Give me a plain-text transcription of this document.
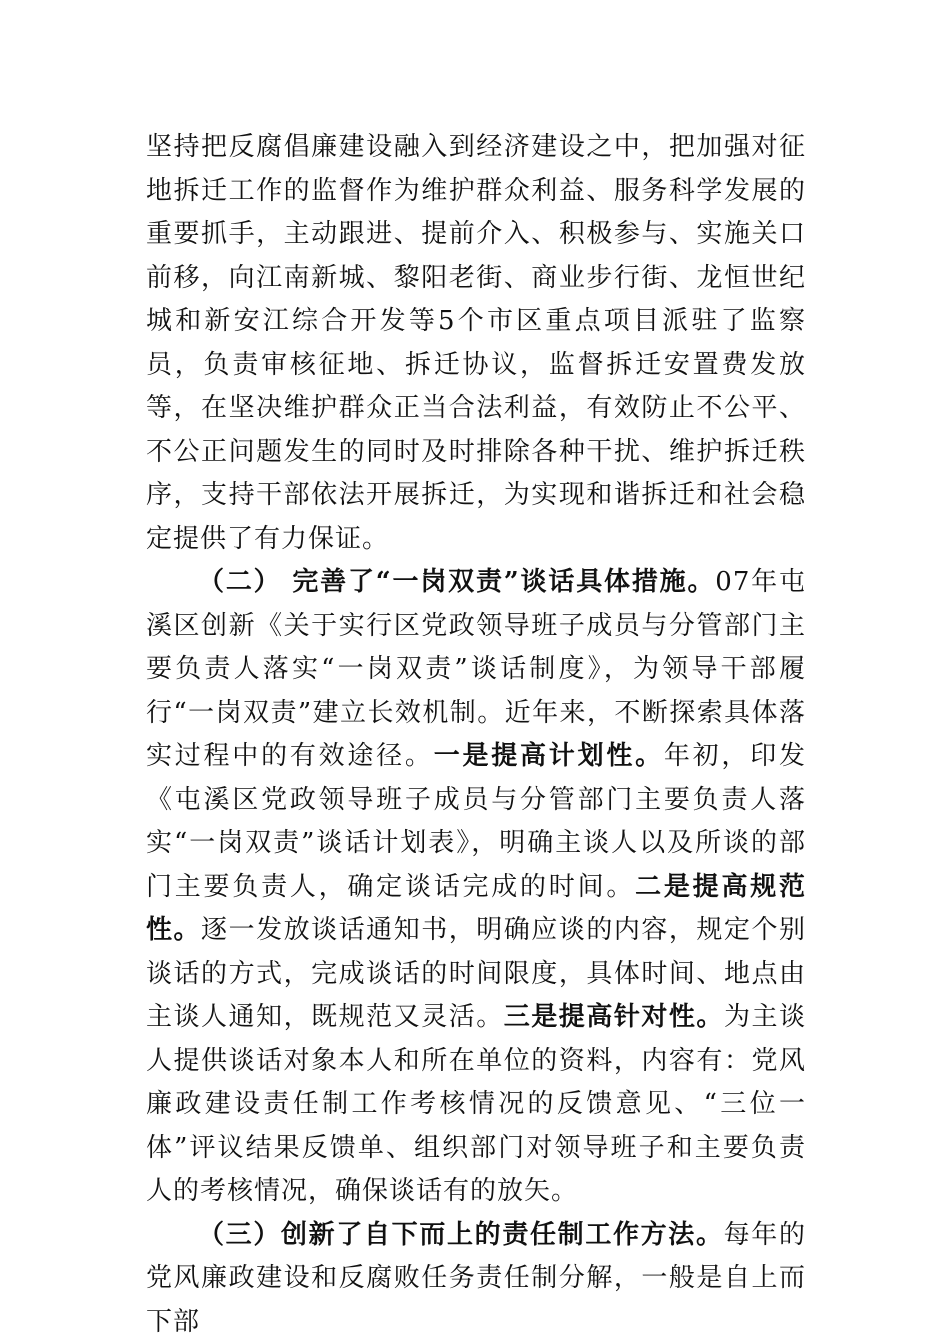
坚持把反腐倡廉建设融入到经济建设之中，把加强对征地拆迁工作的监督作为维护群众利益、服务科学发展的重要抓手，主动跟进、提前介入、积极参与、实施关口前移，向江南新城、黎阳老街、商业步行街、龙恒世纪城和新安江综合开发等5个市区重点项目派驻了监察员，负责审核征地、拆迁协议，监督拆迁安置费发放等，在坚决维护群众正当合法利益，有效防止不公平、不公正问题发生的同时及时排除各种干扰、维护拆迁秩序，支持干部依法开展拆迁，为实现和谐拆迁和社会稳定提供了有力保证。

（二） 完善了“一岗双责”谈话具体措施。07年屯溪区创新《关于实行区党政领导班子成员与分管部门主要负责人落实“一岗双责”谈话制度》，为领导干部履行“一岗双责”建立长效机制。近年来，不断探索具体落实过程中的有效途径。一是提高计划性。年初，印发《屯溪区党政领导班子成员与分管部门主要负责人落实“一岗双责”谈话计划表》，明确主谈人以及所谈的部门主要负责人，确定谈话完成的时间。二是提高规范性。逐一发放谈话通知书，明确应谈的内容，规定个别谈话的方式，完成谈话的时间限度，具体时间、地点由主谈人通知，既规范又灵活。三是提高针对性。为主谈人提供谈话对象本人和所在单位的资料，内容有：党风廉政建设责任制工作考核情况的反馈意见、“三位一体”评议结果反馈单、组织部门对领导班子和主要负责人的考核情况，确保谈话有的放矢。

（三）创新了自下而上的责任制工作方法。每年的党风廉政建设和反腐败任务责任制分解，一般是自上而下部
